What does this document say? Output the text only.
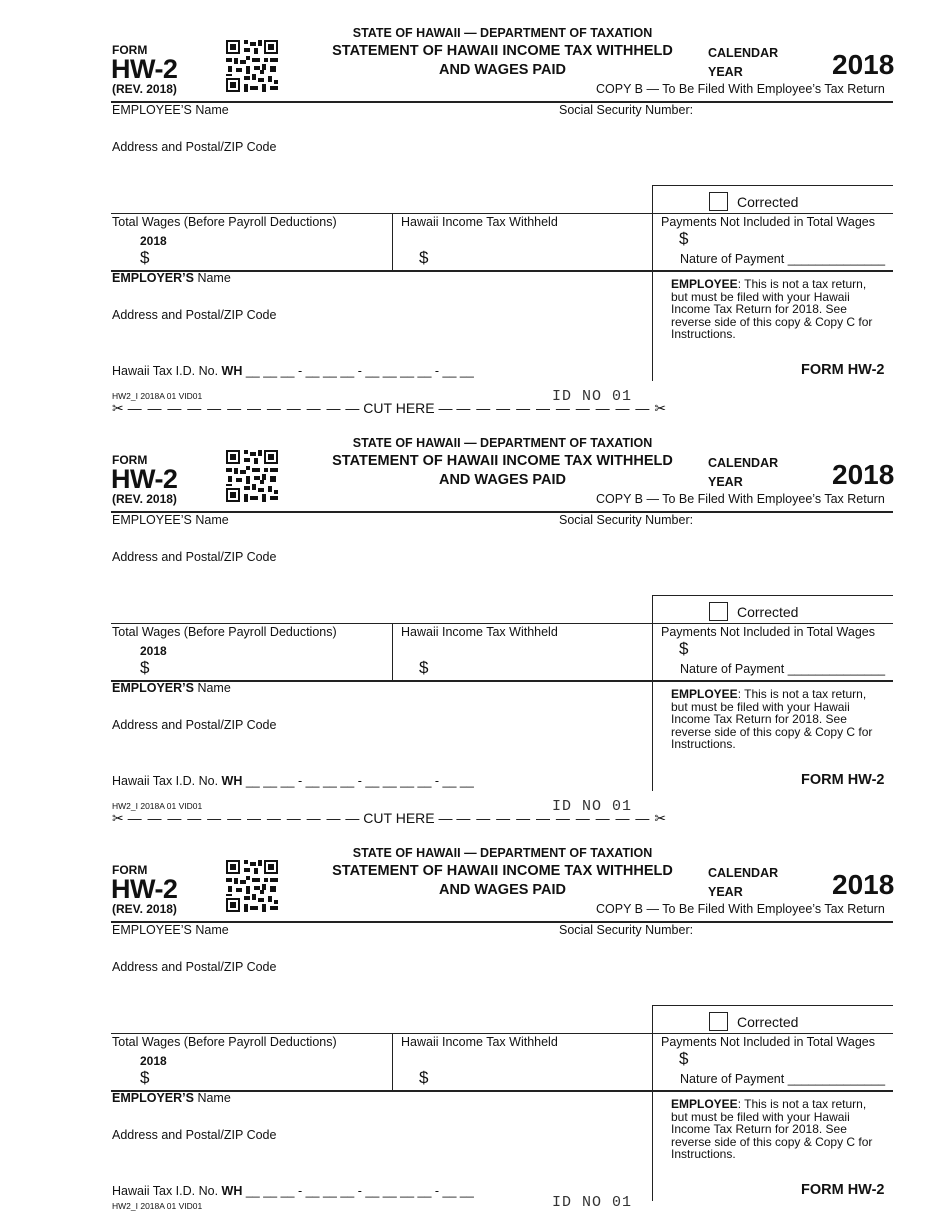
FORM
HW-2
(REV. 2018)
STATE OF HAWAII — DEPARTMENT OF TAXATION
STATEMENT OF HAWAII INCOME TAX WITHHELD
AND WAGES PAID
CALENDAR
YEAR	2018
COPY B — To Be Filed With Employee’s Tax Return
EMPLOYEE’S Name	Social Security Number:
Address and Postal/ZIP Code
Corrected
Total Wages (Before Payroll Deductions)
2018
$
Hawaii Income Tax Withheld
$
Payments Not Included in Total Wages
$
Nature of Payment ______________
EMPLOYER’S Name
Address and Postal/ZIP Code
Hawaii Tax I.D. No. WH __ __ __ - __ __ __ - __ __ __ __ - __ __
EMPLOYEE: This is not a tax return, but must be filed with your Hawaii Income Tax Return for 2018. See reverse side of this copy & Copy C for Instructions.
FORM HW-2
HW2_I 2018A 01 VID01	ID NO 01
✂ — — — — — — — — — — — — CUT HERE — — — — — — — — — — — ✂
FORM
HW-2
(REV. 2018)
STATE OF HAWAII — DEPARTMENT OF TAXATION
STATEMENT OF HAWAII INCOME TAX WITHHELD
AND WAGES PAID
CALENDAR
YEAR	2018
COPY B — To Be Filed With Employee’s Tax Return
EMPLOYEE’S Name	Social Security Number:
Address and Postal/ZIP Code
Corrected
Total Wages (Before Payroll Deductions)
2018
$
Hawaii Income Tax Withheld
$
Payments Not Included in Total Wages
$
Nature of Payment ______________
EMPLOYER’S Name
Address and Postal/ZIP Code
Hawaii Tax I.D. No. WH __ __ __ - __ __ __ - __ __ __ __ - __ __
EMPLOYEE: This is not a tax return, but must be filed with your Hawaii Income Tax Return for 2018. See reverse side of this copy & Copy C for Instructions.
FORM HW-2
HW2_I 2018A 01 VID01	ID NO 01
✂ — — — — — — — — — — — — CUT HERE — — — — — — — — — — — ✂
FORM
HW-2
(REV. 2018)
STATE OF HAWAII — DEPARTMENT OF TAXATION
STATEMENT OF HAWAII INCOME TAX WITHHELD
AND WAGES PAID
CALENDAR
YEAR	2018
COPY B — To Be Filed With Employee’s Tax Return
EMPLOYEE’S Name	Social Security Number:
Address and Postal/ZIP Code
Corrected
Total Wages (Before Payroll Deductions)
2018
$
Hawaii Income Tax Withheld
$
Payments Not Included in Total Wages
$
Nature of Payment ______________
EMPLOYER’S Name
Address and Postal/ZIP Code
Hawaii Tax I.D. No. WH __ __ __ - __ __ __ - __ __ __ __ - __ __
EMPLOYEE: This is not a tax return, but must be filed with your Hawaii Income Tax Return for 2018. See reverse side of this copy & Copy C for Instructions.
FORM HW-2
HW2_I 2018A 01 VID01	ID NO 01
